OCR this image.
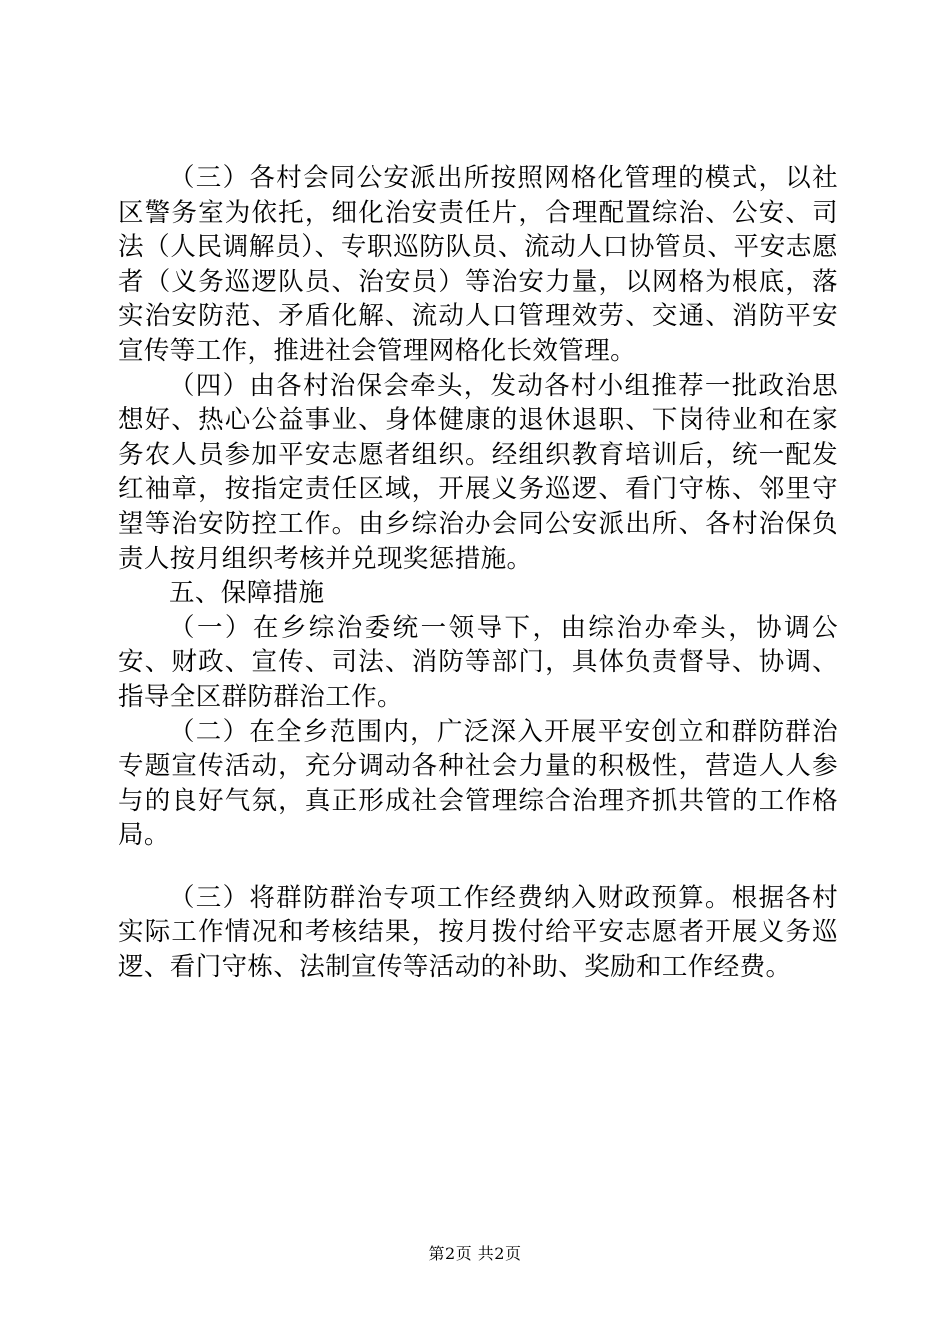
（三）各村会同公安派出所按照网格化管理的模式，以社区警务室为依托，细化治安责任片，合理配置综治、公安、司法（人民调解员）、专职巡防队员、流动人口协管员、平安志愿者（义务巡逻队员、治安员）等治安力量，以网格为根底，落实治安防范、矛盾化解、流动人口管理效劳、交通、消防平安宣传等工作，推进社会管理网格化长效管理。

（四）由各村治保会牵头，发动各村小组推荐一批政治思想好、热心公益事业、身体健康的退休退职、下岗待业和在家务农人员参加平安志愿者组织。经组织教育培训后，统一配发红袖章，按指定责任区域，开展义务巡逻、看门守栋、邻里守望等治安防控工作。由乡综治办会同公安派出所、各村治保负责人按月组织考核并兑现奖惩措施。

五、保障措施

（一）在乡综治委统一领导下，由综治办牵头，协调公安、财政、宣传、司法、消防等部门，具体负责督导、协调、指导全区群防群治工作。

（二）在全乡范围内，广泛深入开展平安创立和群防群治专题宣传活动，充分调动各种社会力量的积极性，营造人人参与的良好气氛，真正形成社会管理综合治理齐抓共管的工作格局。

（三）将群防群治专项工作经费纳入财政预算。根据各村实际工作情况和考核结果，按月拨付给平安志愿者开展义务巡逻、看门守栋、法制宣传等活动的补助、奖励和工作经费。

第2页 共2页
